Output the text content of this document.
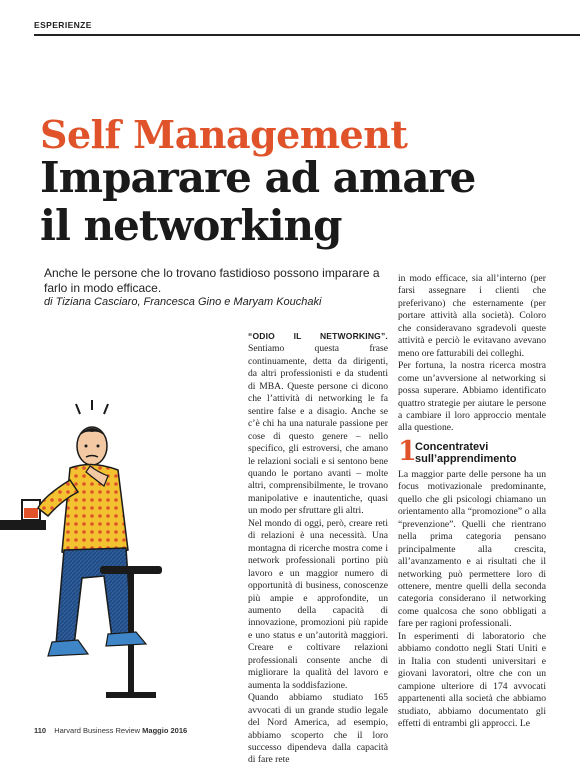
ESPERIENZE
Self Management
Imparare ad amare
il networking
Anche le persone che lo trovano fastidioso possono imparare a farlo in modo efficace.
di Tiziana Casciaro, Francesca Gino e Maryam Kouchaki

“ODIO IL NETWORKING”. Sentiamo questa frase continuamente, detta da dirigenti, da altri professionisti e da studenti di MBA. Queste persone ci dicono che l’attività di networking le fa sentire false e a disagio. Anche se c’è chi ha una naturale passione per cose di questo genere – nello specifico, gli estroversi, che amano le relazioni sociali e si sentono bene quando le portano avanti – molte altri, comprensibilmente, le trovano manipolative e inautentiche, quasi un modo per sfruttare gli altri.

Nel mondo di oggi, però, creare reti di relazioni è una necessità. Una montagna di ricerche mostra come i network professionali portino più lavoro e un maggior numero di opportunità di business, conoscenze più ampie e approfondite, un aumento della capacità di innovazione, promozioni più rapide e uno status e un’autorità maggiori. Creare e coltivare relazioni professionali consente anche di migliorare la qualità del lavoro e aumenta la soddisfazione.

Quando abbiamo studiato 165 avvocati di un grande studio legale del Nord America, ad esempio, abbiamo scoperto che il loro successo dipendeva dalla capacità di fare rete

in modo efficace, sia all’interno (per farsi assegnare i clienti che preferivano) che esternamente (per portare attività alla società). Coloro che consideravano sgradevoli queste attività e perciò le evitavano avevano meno ore fatturabili dei colleghi.

Per fortuna, la nostra ricerca mostra come un’avversione al networking si possa superare. Abbiamo identificato quattro strategie per aiutare le persone a cambiare il loro approccio mentale alla questione.

1
Concentratevi
sull’apprendimento

La maggior parte delle persone ha un focus motivazionale predominante, quello che gli psicologi chiamano un orientamento alla “promozione” o alla “prevenzione”. Quelli che rientrano nella prima categoria pensano principalmente alla crescita, all’avanzamento e ai risultati che il networking può permettere loro di ottenere, mentre quelli della seconda categoria considerano il networking come qualcosa che sono obbligati a fare per ragioni professionali.

In esperimenti di laboratorio che abbiamo condotto negli Stati Uniti e in Italia con studenti universitari e giovani lavoratori, oltre che con un campione ulteriore di 174 avvocati appartenenti alla società che abbiamo studiato, abbiamo documentato gli effetti di entrambi gli approcci. Le

110 Harvard Business Review Maggio 2016
